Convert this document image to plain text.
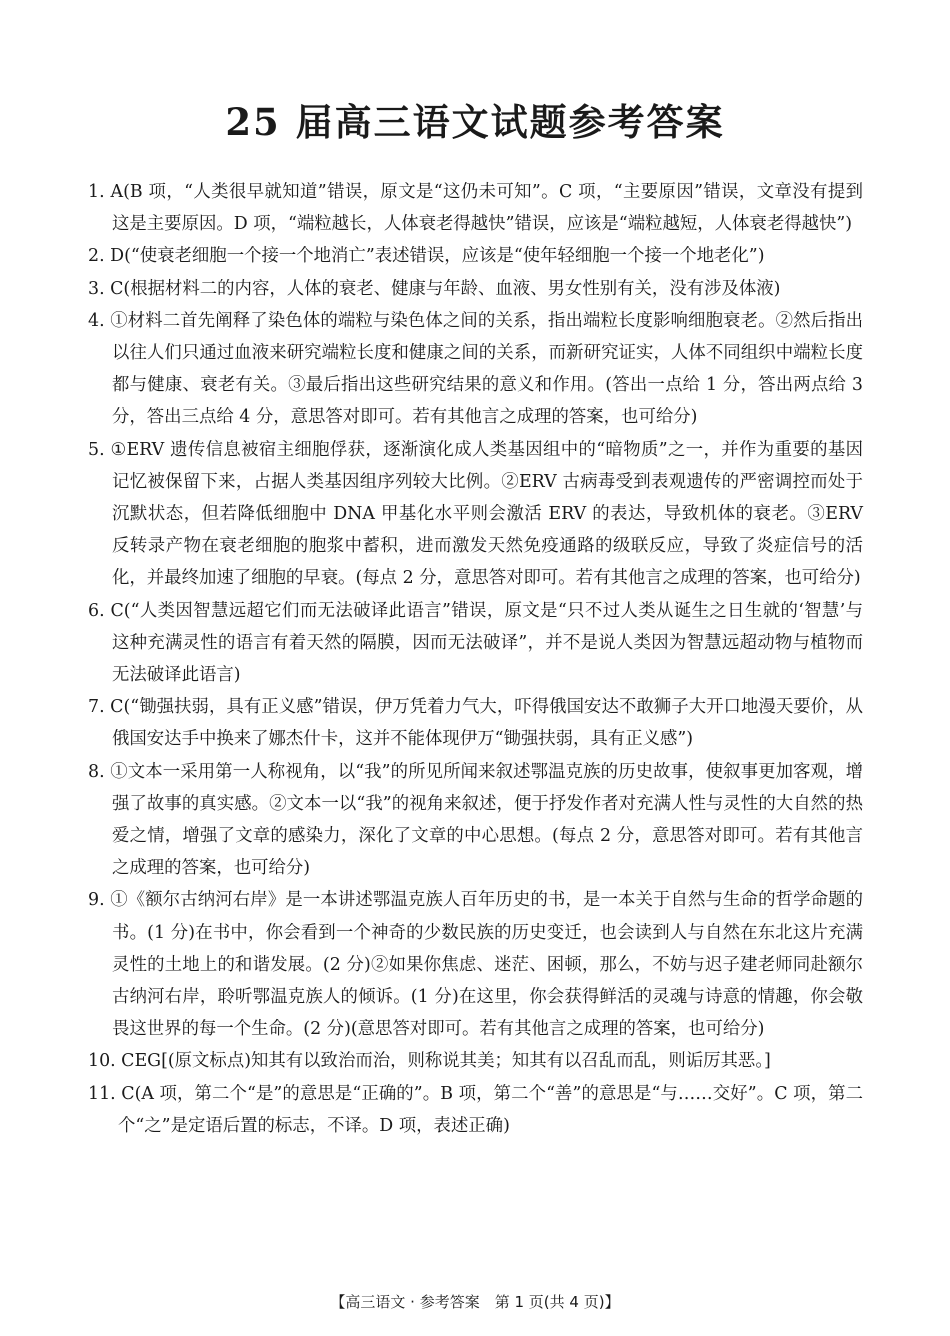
25 届高三语文试题参考答案
1. A(B 项，“人类很早就知道”错误，原文是“这仍未可知”。C 项，“主要原因”错误，文章没有提到这是主要原因。D 项，“端粒越长，人体衰老得越快”错误，应该是“端粒越短，人体衰老得越快”)
2. D(“使衰老细胞一个接一个地消亡”表述错误，应该是“使年轻细胞一个接一个地老化”)
3. C(根据材料二的内容，人体的衰老、健康与年龄、血液、男女性别有关，没有涉及体液)
4. ①材料二首先阐释了染色体的端粒与染色体之间的关系，指出端粒长度影响细胞衰老。②然后指出以往人们只通过血液来研究端粒长度和健康之间的关系，而新研究证实，人体不同组织中端粒长度都与健康、衰老有关。③最后指出这些研究结果的意义和作用。(答出一点给 1 分，答出两点给 3 分，答出三点给 4 分，意思答对即可。若有其他言之成理的答案，也可给分)
5. ①ERV 遗传信息被宿主细胞俘获，逐渐演化成人类基因组中的“暗物质”之一，并作为重要的基因记忆被保留下来，占据人类基因组序列较大比例。②ERV 古病毒受到表观遗传的严密调控而处于沉默状态，但若降低细胞中 DNA 甲基化水平则会激活 ERV 的表达，导致机体的衰老。③ERV 反转录产物在衰老细胞的胞浆中蓄积，进而激发天然免疫通路的级联反应，导致了炎症信号的活化，并最终加速了细胞的早衰。(每点 2 分，意思答对即可。若有其他言之成理的答案，也可给分)
6. C(“人类因智慧远超它们而无法破译此语言”错误，原文是“只不过人类从诞生之日生就的‘智慧’与这种充满灵性的语言有着天然的隔膜，因而无法破译”，并不是说人类因为智慧远超动物与植物而无法破译此语言)
7. C(“锄强扶弱，具有正义感”错误，伊万凭着力气大，吓得俄国安达不敢狮子大开口地漫天要价，从俄国安达手中换来了娜杰什卡，这并不能体现伊万“锄强扶弱，具有正义感”)
8. ①文本一采用第一人称视角，以“我”的所见所闻来叙述鄂温克族的历史故事，使叙事更加客观，增强了故事的真实感。②文本一以“我”的视角来叙述，便于抒发作者对充满人性与灵性的大自然的热爱之情，增强了文章的感染力，深化了文章的中心思想。(每点 2 分，意思答对即可。若有其他言之成理的答案，也可给分)
9. ①《额尔古纳河右岸》是一本讲述鄂温克族人百年历史的书，是一本关于自然与生命的哲学命题的书。(1 分)在书中，你会看到一个神奇的少数民族的历史变迁，也会读到人与自然在东北这片充满灵性的土地上的和谐发展。(2 分)②如果你焦虑、迷茫、困顿，那么，不妨与迟子建老师同赴额尔古纳河右岸，聆听鄂温克族人的倾诉。(1 分)在这里，你会获得鲜活的灵魂与诗意的情趣，你会敬畏这世界的每一个生命。(2 分)(意思答对即可。若有其他言之成理的答案，也可给分)
10. CEG[(原文标点)知其有以致治而治，则称说其美；知其有以召乱而乱，则诟厉其恶。]
11. C(A 项，第二个“是”的意思是“正确的”。B 项，第二个“善”的意思是“与……交好”。C 项，第二个“之”是定语后置的标志，不译。D 项，表述正确)
【高三语文 · 参考答案　第 1 页(共 4 页)】
